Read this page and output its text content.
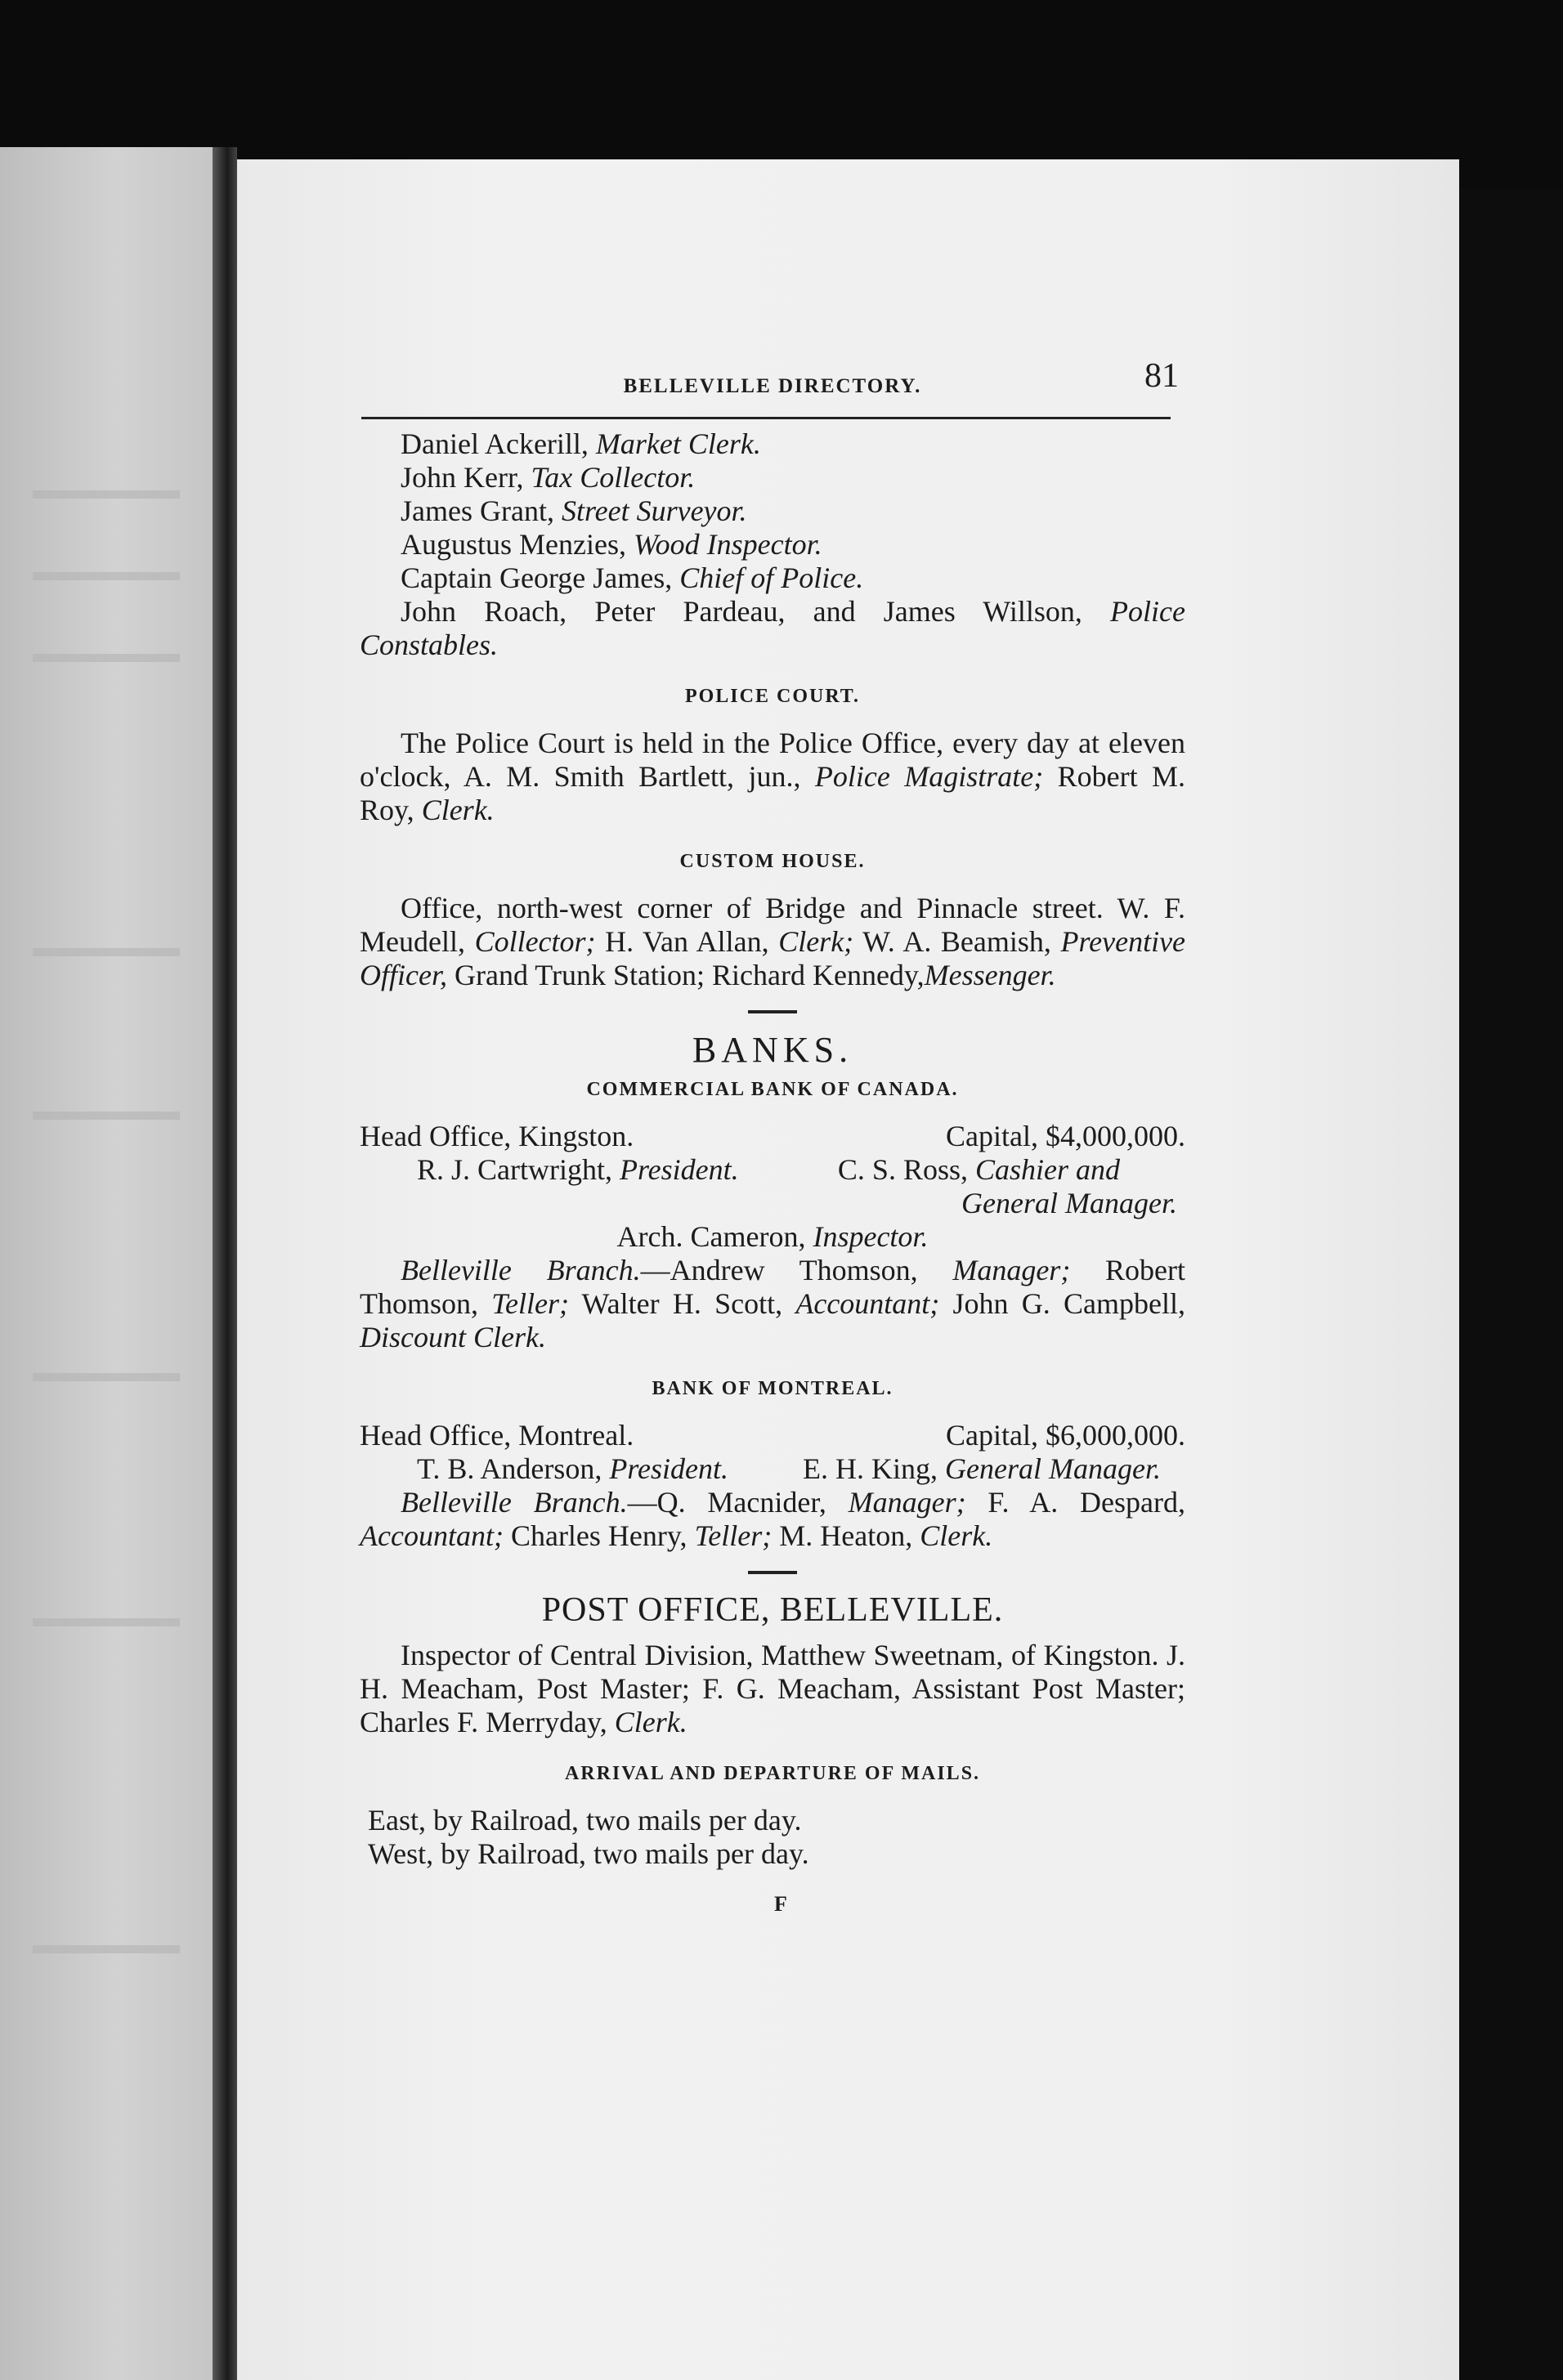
BELLEVILLE DIRECTORY.	81

Daniel Ackerill, Market Clerk.

John Kerr, Tax Collector.

James Grant, Street Surveyor.

Augustus Menzies, Wood Inspector.

Captain George James, Chief of Police.

John Roach, Peter Pardeau, and James Willson, Police Constables.

POLICE COURT.

The Police Court is held in the Police Office, every day at eleven o'clock, A. M. Smith Bartlett, jun., Police Magistrate; Robert M. Roy, Clerk.

CUSTOM HOUSE.

Office, north-west corner of Bridge and Pinnacle street. W. F. Meudell, Collector; H. Van Allan, Clerk; W. A. Beamish, Preventive Officer, Grand Trunk Station; Richard Kennedy,Messenger.

BANKS.
COMMERCIAL BANK OF CANADA.
Head Office, Kingston.	Capital, $4,000,000.
R. J. Cartwright, President.	C. S. Ross, Cashier and
General Manager.
Arch. Cameron, Inspector.

Belleville Branch.—Andrew Thomson, Manager; Robert Thomson, Teller; Walter H. Scott, Accountant; John G. Campbell, Discount Clerk.

BANK OF MONTREAL.
Head Office, Montreal.	Capital, $6,000,000.
T. B. Anderson, President.	E. H. King, General Manager.

Belleville Branch.—Q. Macnider, Manager; F. A. Despard, Accountant; Charles Henry, Teller; M. Heaton, Clerk.

POST OFFICE, BELLEVILLE.

Inspector of Central Division, Matthew Sweetnam, of Kingston. J. H. Meacham, Post Master; F. G. Meacham, Assistant Post Master; Charles F. Merryday, Clerk.

ARRIVAL AND DEPARTURE OF MAILS.

East, by Railroad, two mails per day.

West, by Railroad, two mails per day.

F
